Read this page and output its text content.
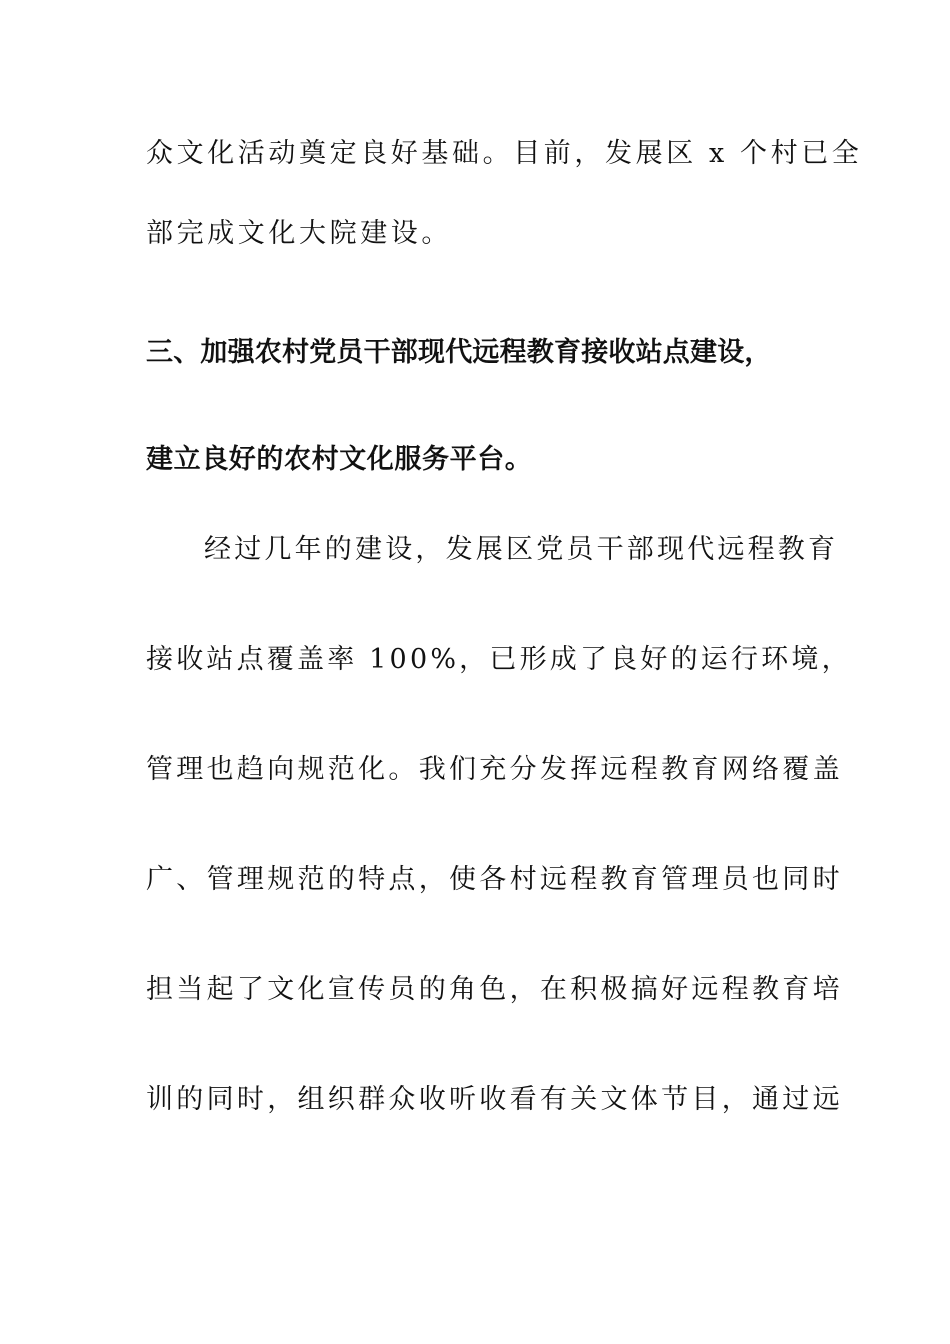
众文化活动奠定良好基础。目前，发展区 x 个村已全
部完成文化大院建设。
三、加强农村党员干部现代远程教育接收站点建设，
建立良好的农村文化服务平台。
经过几年的建设，发展区党员干部现代远程教育
接收站点覆盖率 100%，已形成了良好的运行环境，
管理也趋向规范化。我们充分发挥远程教育网络覆盖
广、管理规范的特点，使各村远程教育管理员也同时
担当起了文化宣传员的角色，在积极搞好远程教育培
训的同时，组织群众收听收看有关文体节目，通过远
